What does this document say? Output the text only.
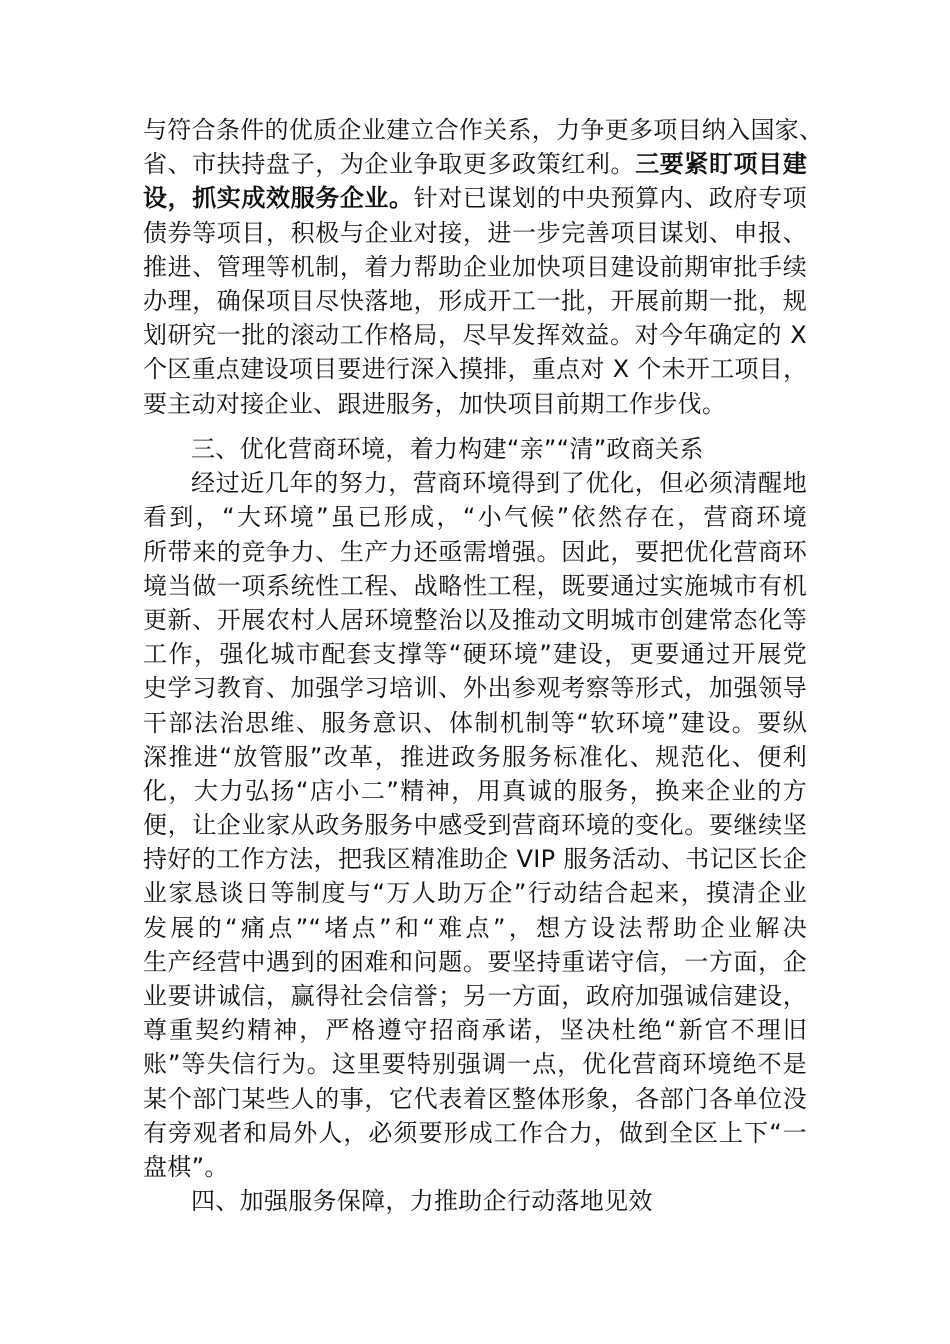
与符合条件的优质企业建立合作关系，力争更多项目纳入国家、
省、市扶持盘子，为企业争取更多政策红利。三要紧盯项目建
设，抓实成效服务企业。针对已谋划的中央预算内、政府专项
债券等项目，积极与企业对接，进一步完善项目谋划、申报、
推进、管理等机制，着力帮助企业加快项目建设前期审批手续
办理，确保项目尽快落地，形成开工一批，开展前期一批，规
划研究一批的滚动工作格局，尽早发挥效益。对今年确定的 X
个区重点建设项目要进行深入摸排，重点对 X 个未开工项目，
要主动对接企业、跟进服务，加快项目前期工作步伐。
三、优化营商环境，着力构建“亲”“清”政商关系
经过近几年的努力，营商环境得到了优化，但必须清醒地
看到，“大环境”虽已形成，“小气候”依然存在，营商环境
所带来的竞争力、生产力还亟需增强。因此，要把优化营商环
境当做一项系统性工程、战略性工程，既要通过实施城市有机
更新、开展农村人居环境整治以及推动文明城市创建常态化等
工作，强化城市配套支撑等“硬环境”建设，更要通过开展党
史学习教育、加强学习培训、外出参观考察等形式，加强领导
干部法治思维、服务意识、体制机制等“软环境”建设。要纵
深推进“放管服”改革，推进政务服务标准化、规范化、便利
化，大力弘扬“店小二”精神，用真诚的服务，换来企业的方
便，让企业家从政务服务中感受到营商环境的变化。要继续坚
持好的工作方法，把我区精准助企 VIP 服务活动、书记区长企
业家恳谈日等制度与“万人助万企”行动结合起来，摸清企业
发展的“痛点”“堵点”和“难点”，想方设法帮助企业解决
生产经营中遇到的困难和问题。要坚持重诺守信，一方面，企
业要讲诚信，赢得社会信誉；另一方面，政府加强诚信建设，
尊重契约精神，严格遵守招商承诺，坚决杜绝“新官不理旧
账”等失信行为。这里要特别强调一点，优化营商环境绝不是
某个部门某些人的事，它代表着区整体形象，各部门各单位没
有旁观者和局外人，必须要形成工作合力，做到全区上下“一
盘棋”。
四、加强服务保障，力推助企行动落地见效
